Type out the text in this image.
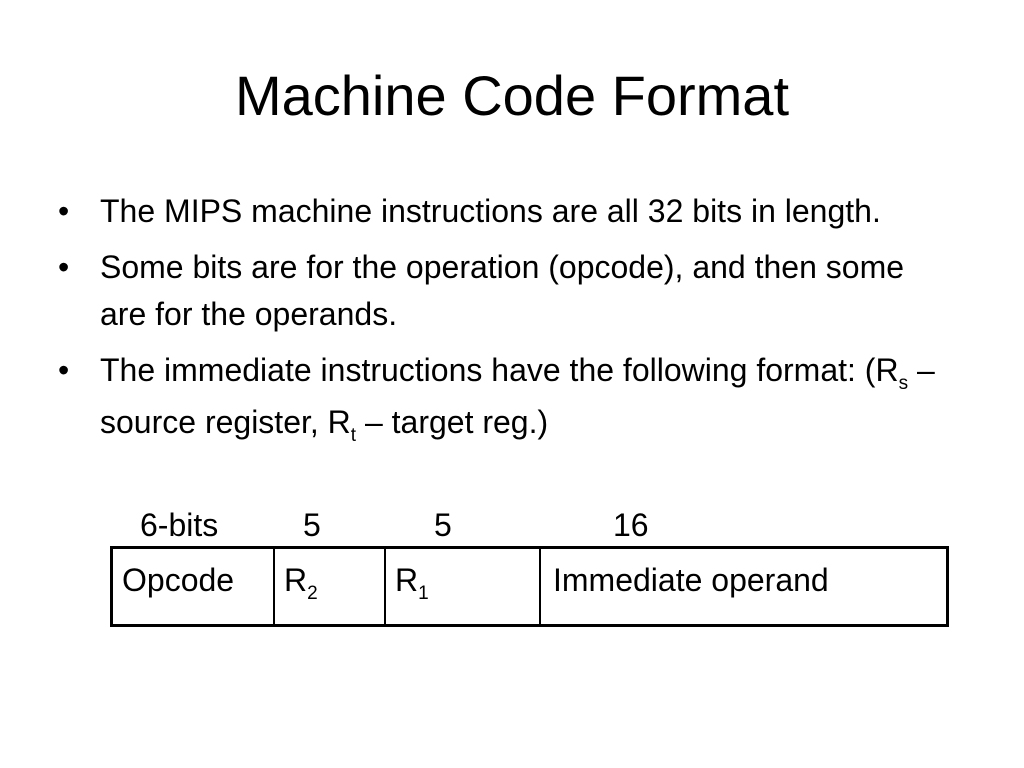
Machine Code Format
• The MIPS machine instructions are all 32 bits in length.
• Some bits are for the operation (opcode), and then some are for the operands.
• The immediate instructions have the following format: ($R_s$ – source register, $R_t$ – target reg.)
6-bits	5	5	16
Opcode	$R_2$	$R_1$	Immediate operand
